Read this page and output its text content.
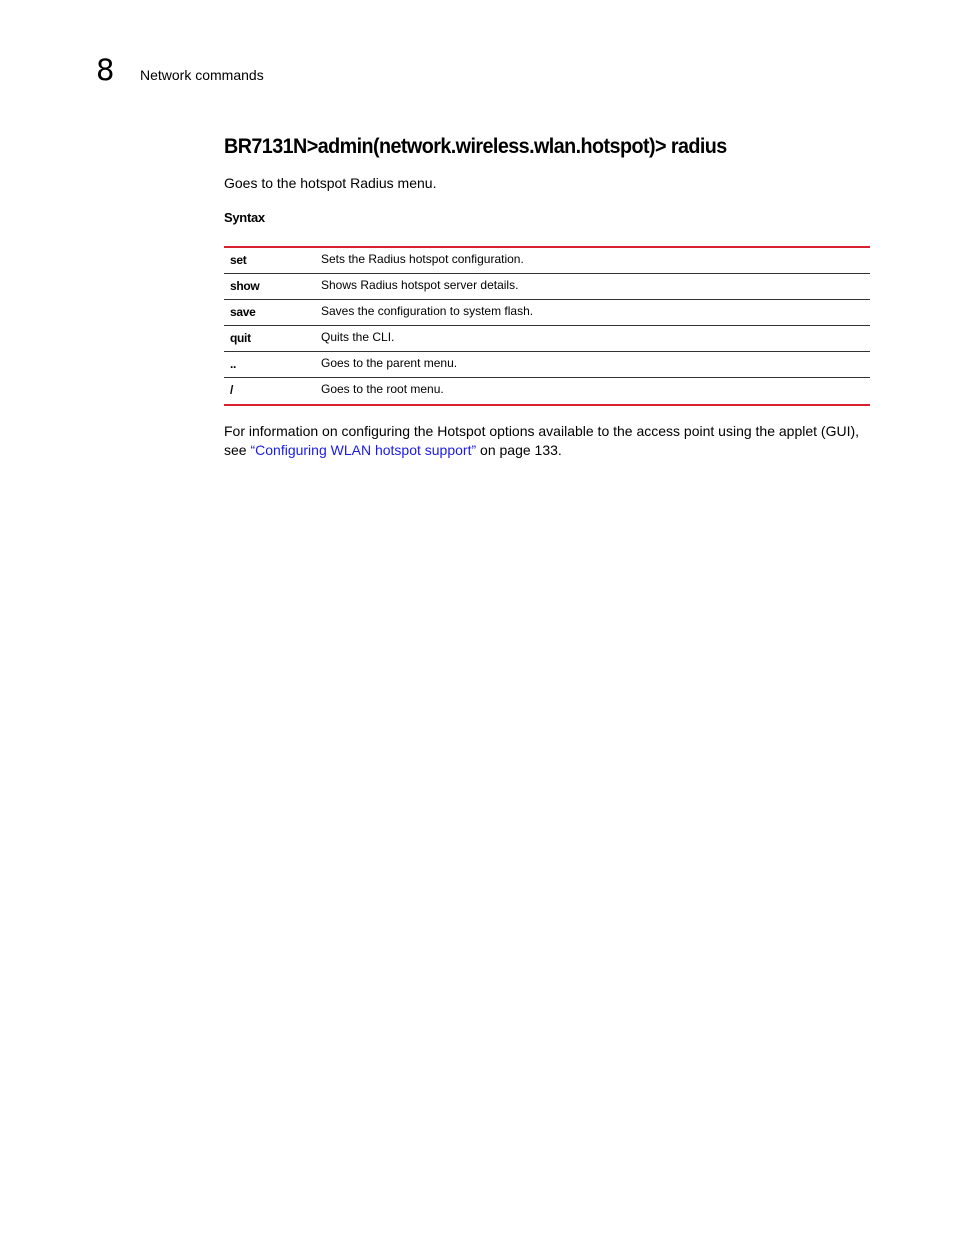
8 Network commands
BR7131N>admin(network.wireless.wlan.hotspot)> radius
Goes to the hotspot Radius menu.
Syntax
set	Sets the Radius hotspot configuration.
show	Shows Radius hotspot server details.
save	Saves the configuration to system flash.
quit	Quits the CLI.
..	Goes to the parent menu.
/	Goes to the root menu.
For information on configuring the Hotspot options available to the access point using the applet (GUI), see “Configuring WLAN hotspot support” on page 133.
